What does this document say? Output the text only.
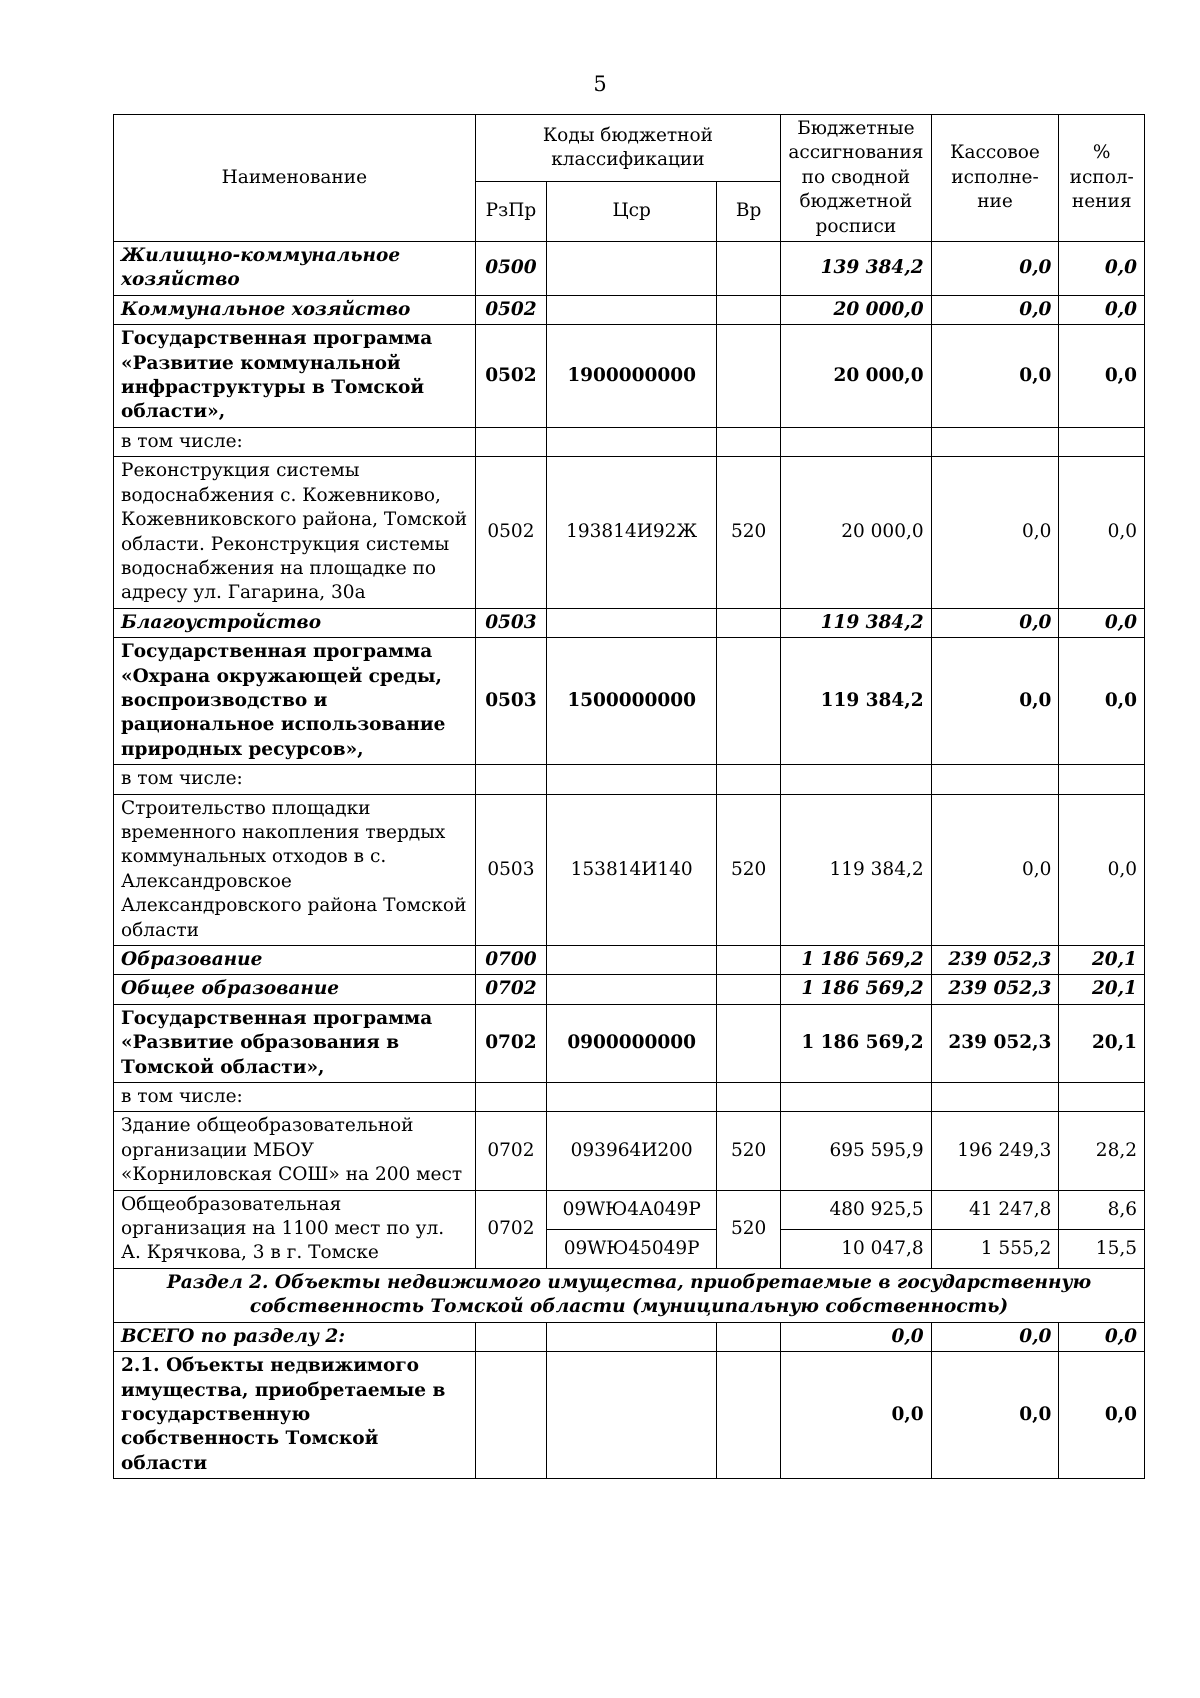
5
Наименование	Коды бюджетной классификации			Бюджетные ассигнования по сводной бюджетной росписи	Кассовое исполне-ние	% испол-нения
	РзПр	Цср	Вр			
Жилищно-коммунальное хозяйство	0500			139 384,2	0,0	0,0
Коммунальное хозяйство	0502			20 000,0	0,0	0,0
Государственная программа «Развитие коммунальной инфраструктуры в Томской области»,	0502	1900000000		20 000,0	0,0	0,0
в том числе:						
Реконструкция системы водоснабжения с. Кожевниково, Кожевниковского района, Томской области. Реконструкция системы водоснабжения на площадке по адресу ул. Гагарина, 30а	0502	193814И92Ж	520	20 000,0	0,0	0,0
Благоустройство	0503			119 384,2	0,0	0,0
Государственная программа «Охрана окружающей среды, воспроизводство и рациональное использование природных ресурсов»,	0503	1500000000		119 384,2	0,0	0,0
в том числе:						
Строительство площадки временного накопления твердых коммунальных отходов в с. Александровское Александровского района Томской области	0503	153814И140	520	119 384,2	0,0	0,0
Образование	0700			1 186 569,2	239 052,3	20,1
Общее образование	0702			1 186 569,2	239 052,3	20,1
Государственная программа «Развитие образования в Томской области»,	0702	0900000000		1 186 569,2	239 052,3	20,1
в том числе:						
Здание общеобразовательной организации МБОУ «Корниловская СОШ» на 200 мест	0702	093964И200	520	695 595,9	196 249,3	28,2
Общеобразовательная организация на 1100 мест по ул. А. Крячкова, 3 в г. Томске	0702	09WЮ4А049Р	520	480 925,5	41 247,8	8,6
		09WЮ45049Р		10 047,8	1 555,2	15,5
Раздел 2. Объекты недвижимого имущества, приобретаемые в государственную собственность Томской области (муниципальную собственность)						
ВСЕГО по разделу 2:				0,0	0,0	0,0
2.1. Объекты недвижимого имущества, приобретаемые в государственную собственность Томской области				0,0	0,0	0,0
